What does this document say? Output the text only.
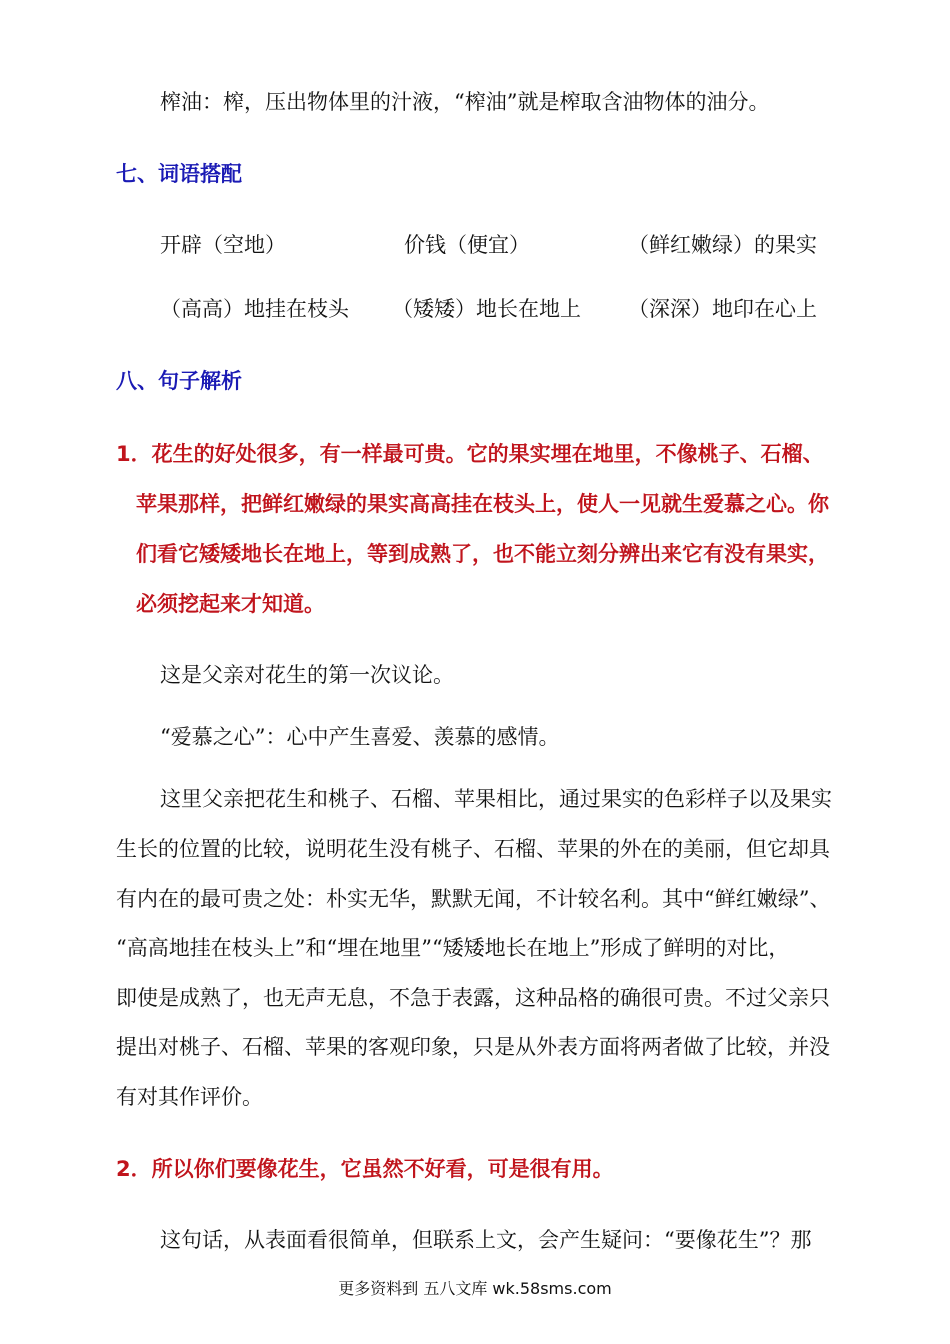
榨油：榨，压出物体里的汁液，“榨油”就是榨取含油物体的油分。
七、词语搭配
开辟（空地）	价钱（便宜）	（鲜红嫩绿）的果实
（高高）地挂在枝头 （矮矮）地长在地上 （深深）地印在心上
八、句子解析
1．花生的好处很多，有一样最可贵。它的果实埋在地里，不像桃子、石榴、
苹果那样，把鲜红嫩绿的果实高高挂在枝头上，使人一见就生爱慕之心。你
们看它矮矮地长在地上，等到成熟了，也不能立刻分辨出来它有没有果实，
必须挖起来才知道。
这是父亲对花生的第一次议论。
“爱慕之心”：心中产生喜爱、羡慕的感情。
这里父亲把花生和桃子、石榴、苹果相比，通过果实的色彩样子以及果实
生长的位置的比较，说明花生没有桃子、石榴、苹果的外在的美丽，但它却具
有内在的最可贵之处：朴实无华，默默无闻，不计较名利。其中“鲜红嫩绿”、
“高高地挂在枝头上”和“埋在地里”“矮矮地长在地上”形成了鲜明的对比，
即使是成熟了，也无声无息，不急于表露，这种品格的确很可贵。不过父亲只
提出对桃子、石榴、苹果的客观印象，只是从外表方面将两者做了比较，并没
有对其作评价。
2．所以你们要像花生，它虽然不好看，可是很有用。
这句话，从表面看很简单，但联系上文，会产生疑问：“要像花生”？那
更多资料到 五八文库 wk.58sms.com
